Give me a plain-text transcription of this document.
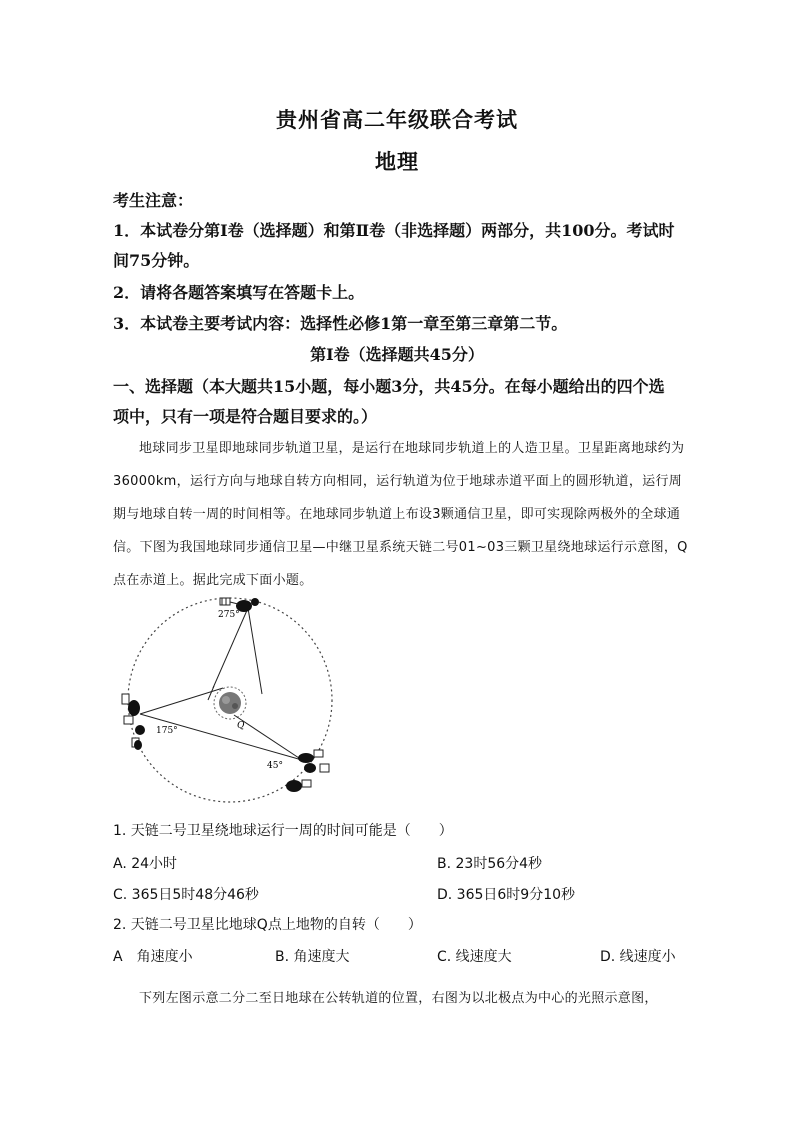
贵州省高二年级联合考试
地理
考生注意：
1．本试卷分第Ⅰ卷（选择题）和第Ⅱ卷（非选择题）两部分，共100分。考试时
间75分钟。
2．请将各题答案填写在答题卡上。
3．本试卷主要考试内容：选择性必修1第一章至第三章第二节。
第Ⅰ卷（选择题共45分）
一、选择题（本大题共15小题，每小题3分，共45分。在每小题给出的四个选
项中，只有一项是符合题目要求的。）
地球同步卫星即地球同步轨道卫星，是运行在地球同步轨道上的人造卫星。卫星距离地球约为36000km，运行方向与地球自转方向相同，运行轨道为位于地球赤道平面上的圆形轨道，运行周期与地球自转一周的时间相等。在地球同步轨道上布设3颗通信卫星，即可实现除两极外的全球通信。下图为我国地球同步通信卫星—中继卫星系统天链二号01~03三颗卫星绕地球运行示意图，Q点在赤道上。据此完成下面小题。
275°
175°
45°
Q
1. 天链二号卫星绕地球运行一周的时间可能是（　　）
A. 24小时	B. 23时56分4秒
C. 365日5时48分46秒	D. 365日6时9分10秒
2. 天链二号卫星比地球Q点上地物的自转（　　）
A　角速度小	B. 角速度大	C. 线速度大	D. 线速度小
下列左图示意二分二至日地球在公转轨道的位置，右图为以北极点为中心的光照示意图，
